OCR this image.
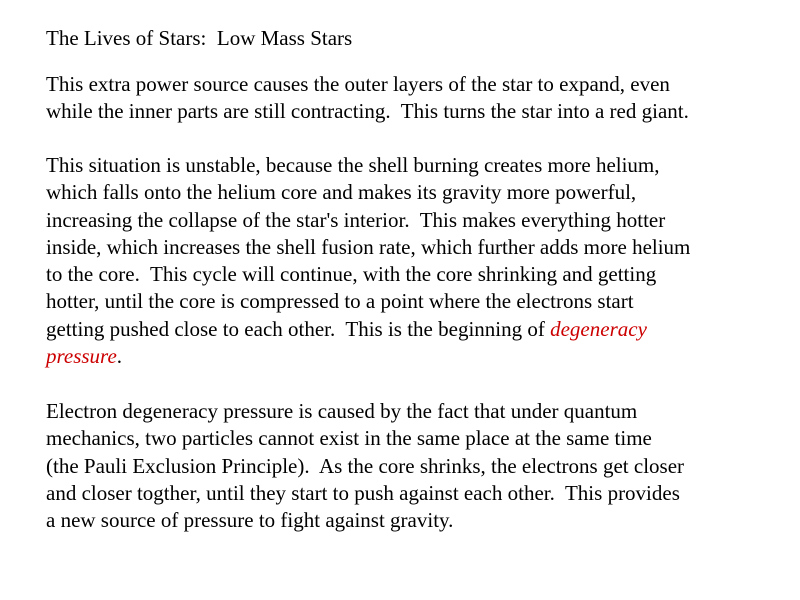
The Lives of Stars:  Low Mass Stars
This extra power source causes the outer layers of the star to expand, even
while the inner parts are still contracting.  This turns the star into a red giant.
This situation is unstable, because the shell burning creates more helium,
which falls onto the helium core and makes its gravity more powerful,
increasing the collapse of the star's interior.  This makes everything hotter
inside, which increases the shell fusion rate, which further adds more helium
to the core.  This cycle will continue, with the core shrinking and getting
hotter, until the core is compressed to a point where the electrons start
getting pushed close to each other.  This is the beginning of degeneracy
pressure.
Electron degeneracy pressure is caused by the fact that under quantum
mechanics, two particles cannot exist in the same place at the same time
(the Pauli Exclusion Principle).  As the core shrinks, the electrons get closer
and closer togther, until they start to push against each other.  This provides
a new source of pressure to fight against gravity.
